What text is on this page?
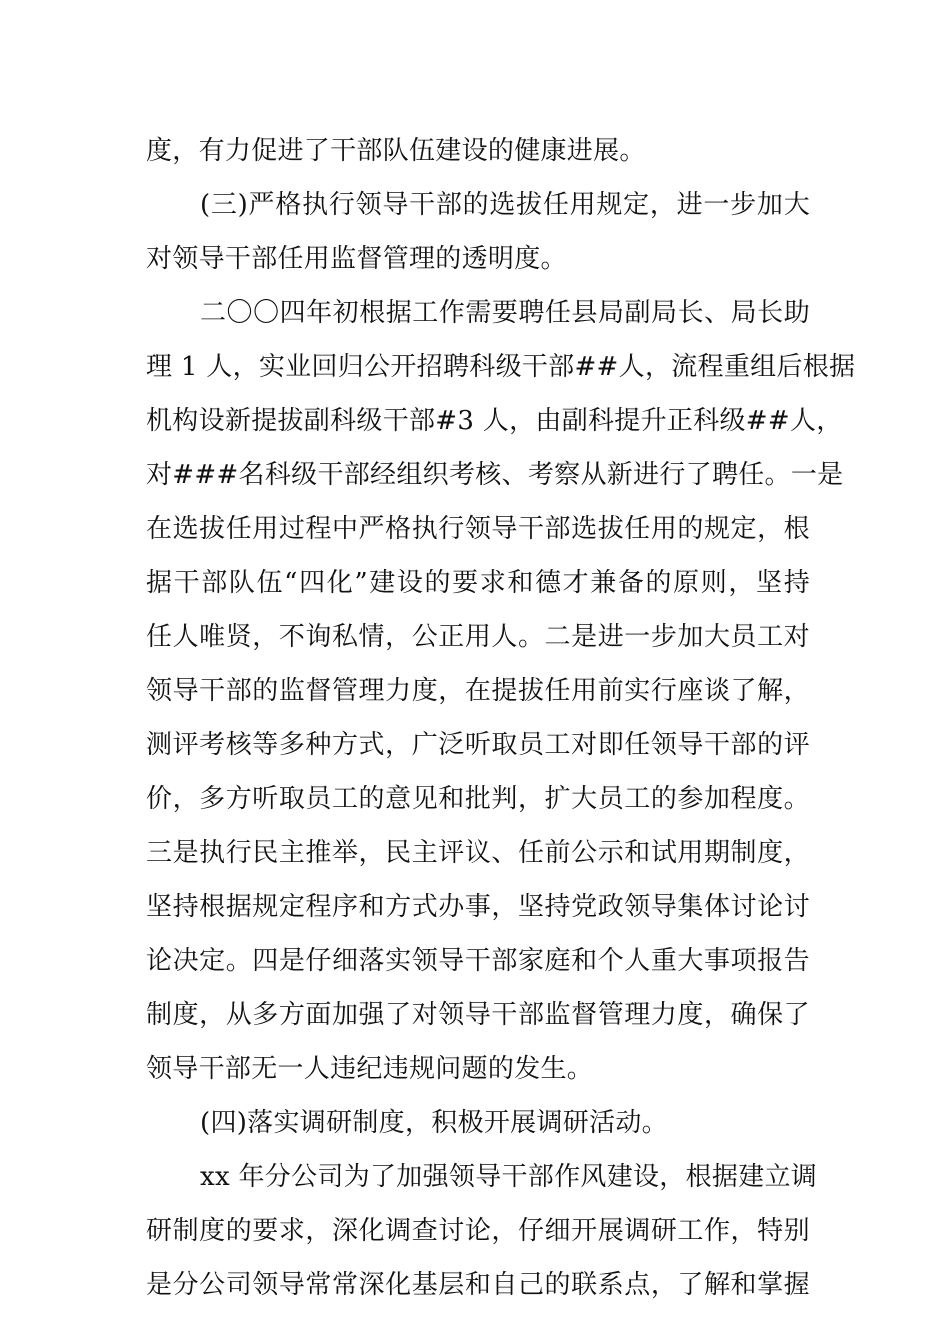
度，有力促进了干部队伍建设的健康进展。
(三)严格执行领导干部的选拔任用规定，进一步加大
对领导干部任用监督管理的透明度。
二〇〇四年初根据工作需要聘任县局副局长、局长助
理 1 人，实业回归公开招聘科级干部##人，流程重组后根据
机构设新提拔副科级干部#3 人，由副科提升正科级##人，
对###名科级干部经组织考核、考察从新进行了聘任。一是
在选拔任用过程中严格执行领导干部选拔任用的规定，根
据干部队伍“四化”建设的要求和德才兼备的原则，坚持
任人唯贤，不询私情，公正用人。二是进一步加大员工对
领导干部的监督管理力度，在提拔任用前实行座谈了解，
测评考核等多种方式，广泛听取员工对即任领导干部的评
价，多方听取员工的意见和批判，扩大员工的参加程度。
三是执行民主推举，民主评议、任前公示和试用期制度，
坚持根据规定程序和方式办事，坚持党政领导集体讨论讨
论决定。四是仔细落实领导干部家庭和个人重大事项报告
制度，从多方面加强了对领导干部监督管理力度，确保了
领导干部无一人违纪违规问题的发生。
(四)落实调研制度，积极开展调研活动。
xx 年分公司为了加强领导干部作风建设，根据建立调
研制度的要求，深化调查讨论，仔细开展调研工作，特别
是分公司领导常常深化基层和自己的联系点，了解和掌握
